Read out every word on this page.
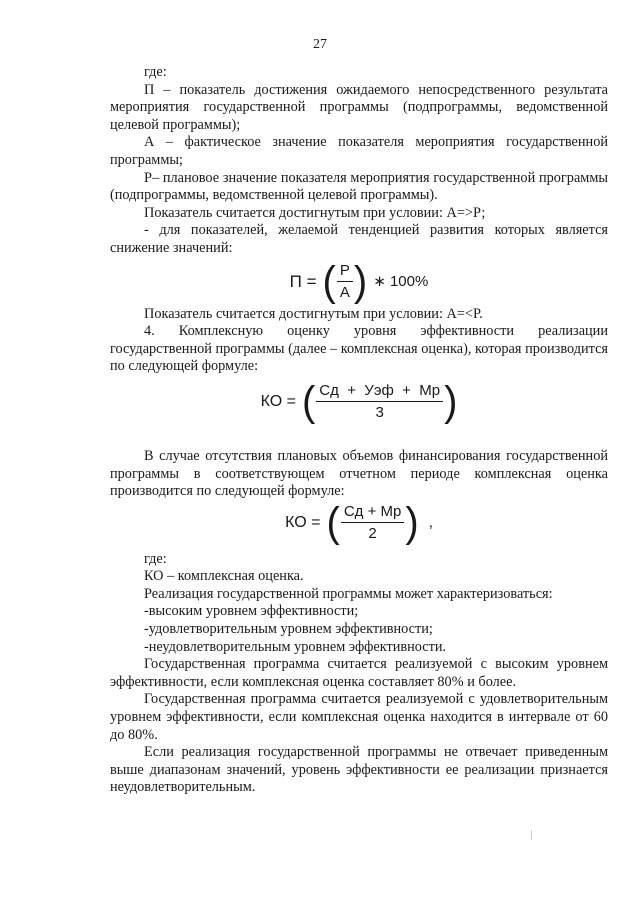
27

где:

П – показатель достижения ожидаемого непосредственного результата мероприятия государственной программы (подпрограммы, ведомственной целевой программы);

А – фактическое значение показателя мероприятия государственной программы;

Р– плановое значение показателя мероприятия государственной программы (подпрограммы, ведомственной целевой программы).

Показатель считается достигнутым при условии: А=>Р;

- для показателей, желаемой тенденцией развития которых является снижение значений:

П = ( $\frac{P}{A}$ ) ∗ 100%

Показатель считается достигнутым при условии: А=<Р.

4. Комплексную оценку уровня эффективности реализации государственной программы (далее – комплексная оценка), которая производится по следующей формуле:

КО = ( $\frac{\text{Сд  +  Уэф  +  Мр}}{3}$ )

В случае отсутствия плановых объемов финансирования государственной программы в соответствующем отчетном периоде комплексная оценка производится по следующей формуле:

КО = ( $\frac{Сд + Мр}{2}$ ) ,

где:

КО – комплексная оценка.

Реализация государственной программы может характеризоваться:

-высоким уровнем эффективности;

-удовлетворительным уровнем эффективности;

-неудовлетворительным уровнем эффективности.

Государственная программа считается реализуемой с высоким уровнем эффективности, если комплексная оценка составляет 80% и более.

Государственная программа считается реализуемой с удовлетворительным уровнем эффективности, если комплексная оценка находится в интервале от 60 до 80%.

Если реализация государственной программы не отвечает приведенным выше диапазонам значений, уровень эффективности ее реализации признается неудовлетворительным.
